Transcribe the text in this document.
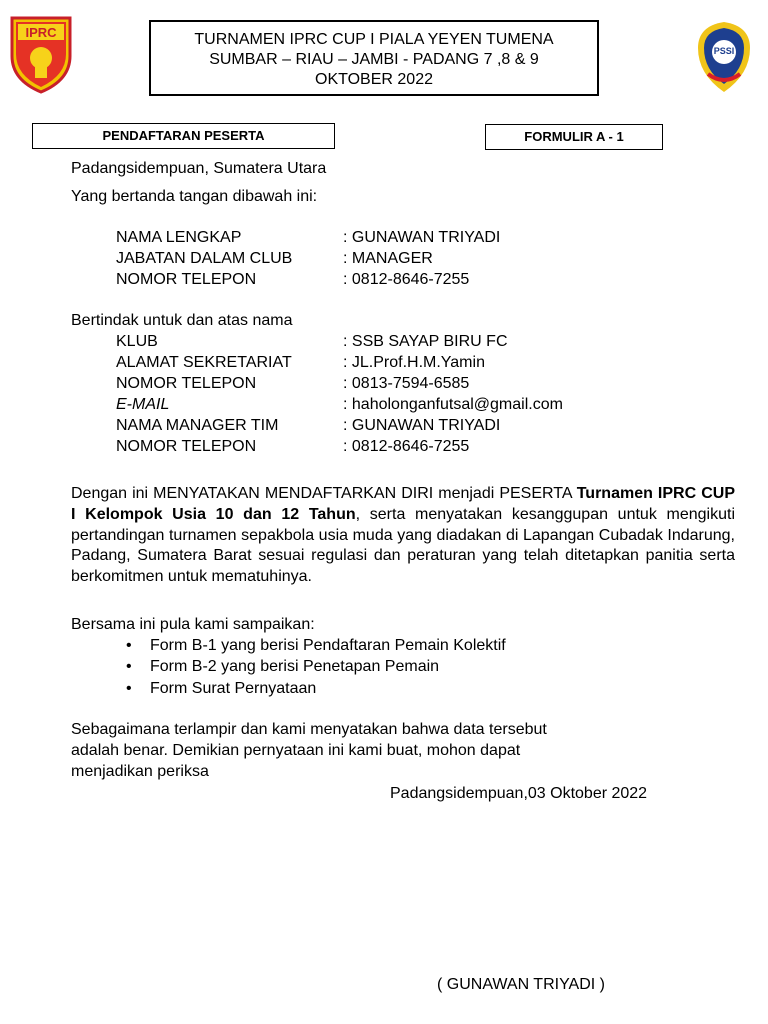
IPRC
PSSI
TURNAMEN IPRC CUP I PIALA YEYEN TUMENA
SUMBAR – RIAU – JAMBI - PADANG 7 ,8 & 9
OKTOBER 2022
PENDAFTARAN PESERTA	FORMULIR A - 1
Padangsidempuan, Sumatera Utara
Yang bertanda tangan dibawah ini:
NAMA LENGKAP	: GUNAWAN TRIYADI
JABATAN DALAM CLUB	: MANAGER
NOMOR TELEPON	: 0812-8646-7255
Bertindak untuk dan atas nama
KLUB	: SSB SAYAP BIRU FC
ALAMAT SEKRETARIAT	: JL.Prof.H.M.Yamin
NOMOR TELEPON	: 0813-7594-6585
E-MAIL	: haholonganfutsal@gmail.com
NAMA MANAGER TIM	: GUNAWAN TRIYADI
NOMOR TELEPON	: 0812-8646-7255
Dengan ini MENYATAKAN MENDAFTARKAN DIRI menjadi PESERTA Turnamen IPRC CUP I Kelompok Usia 10 dan 12 Tahun, serta menyatakan kesanggupan untuk mengikuti pertandingan turnamen sepakbola usia muda yang diadakan di Lapangan Cubadak Indarung, Padang, Sumatera Barat sesuai regulasi dan peraturan yang telah ditetapkan panitia serta berkomitmen untuk mematuhinya.
Bersama ini pula kami sampaikan:
• Form B-1 yang berisi Pendaftaran Pemain Kolektif
• Form B-2 yang berisi Penetapan Pemain
• Form Surat Pernyataan
Sebagaimana terlampir dan kami menyatakan bahwa data tersebut
adalah benar. Demikian pernyataan ini kami buat, mohon dapat
menjadikan periksa
Padangsidempuan,03 Oktober 2022
( GUNAWAN TRIYADI )
